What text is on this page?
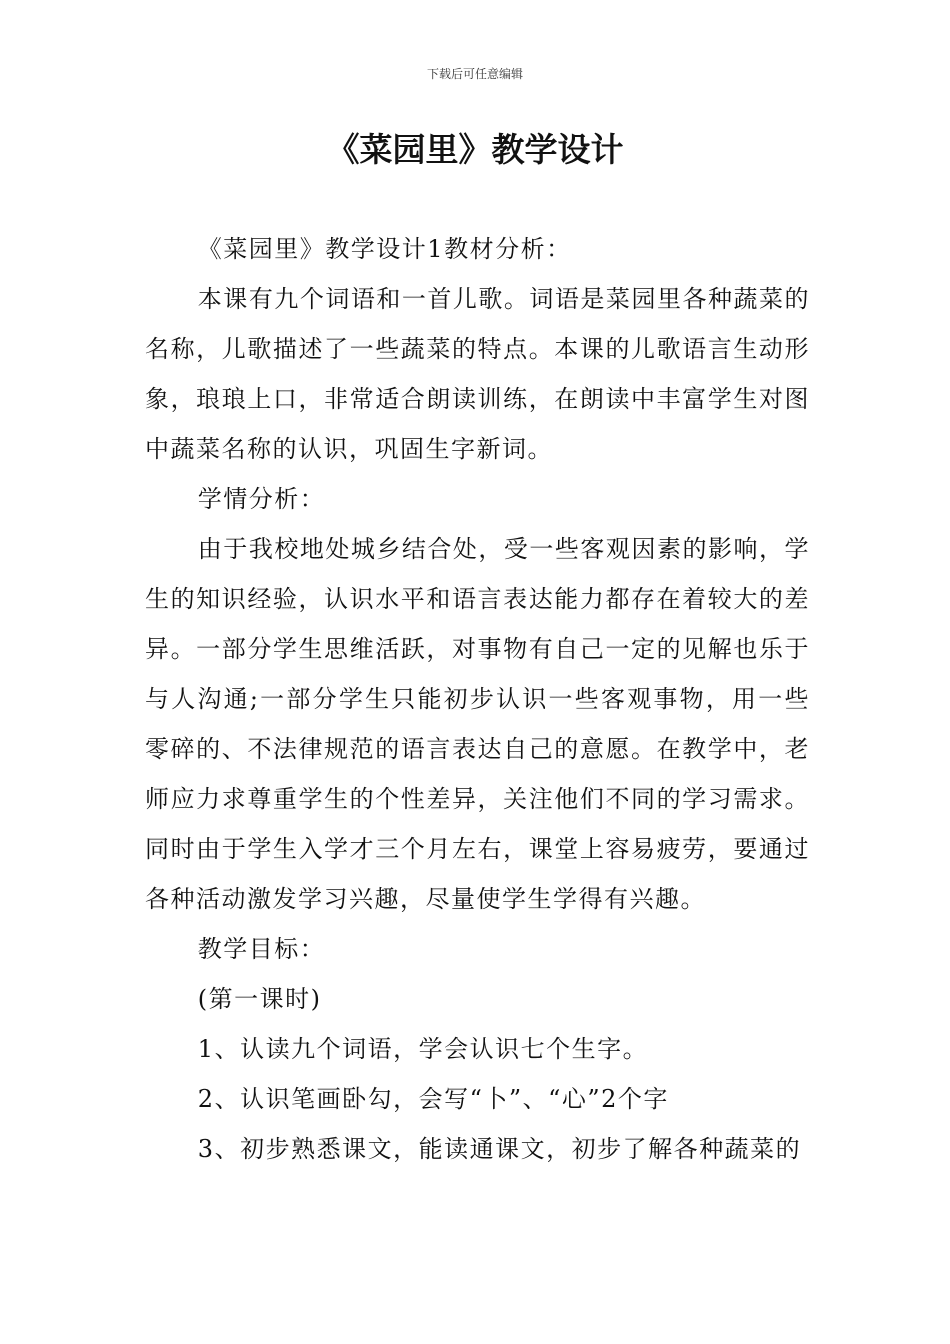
下载后可任意编辑
《菜园里》教学设计

《菜园里》教学设计1教材分析：

本课有九个词语和一首儿歌。词语是菜园里各种蔬菜的名称，儿歌描述了一些蔬菜的特点。本课的儿歌语言生动形象，琅琅上口，非常适合朗读训练，在朗读中丰富学生对图中蔬菜名称的认识，巩固生字新词。

学情分析：

由于我校地处城乡结合处，受一些客观因素的影响，学生的知识经验，认识水平和语言表达能力都存在着较大的差异。一部分学生思维活跃，对事物有自己一定的见解也乐于与人沟通;一部分学生只能初步认识一些客观事物，用一些零碎的、不法律规范的语言表达自己的意愿。在教学中，老师应力求尊重学生的个性差异，关注他们不同的学习需求。同时由于学生入学才三个月左右，课堂上容易疲劳，要通过各种活动激发学习兴趣，尽量使学生学得有兴趣。

教学目标：

(第一课时)

1、认读九个词语，学会认识七个生字。

2、认识笔画卧勾，会写“卜”、“心”2个字

3、初步熟悉课文，能读通课文，初步了解各种蔬菜的
